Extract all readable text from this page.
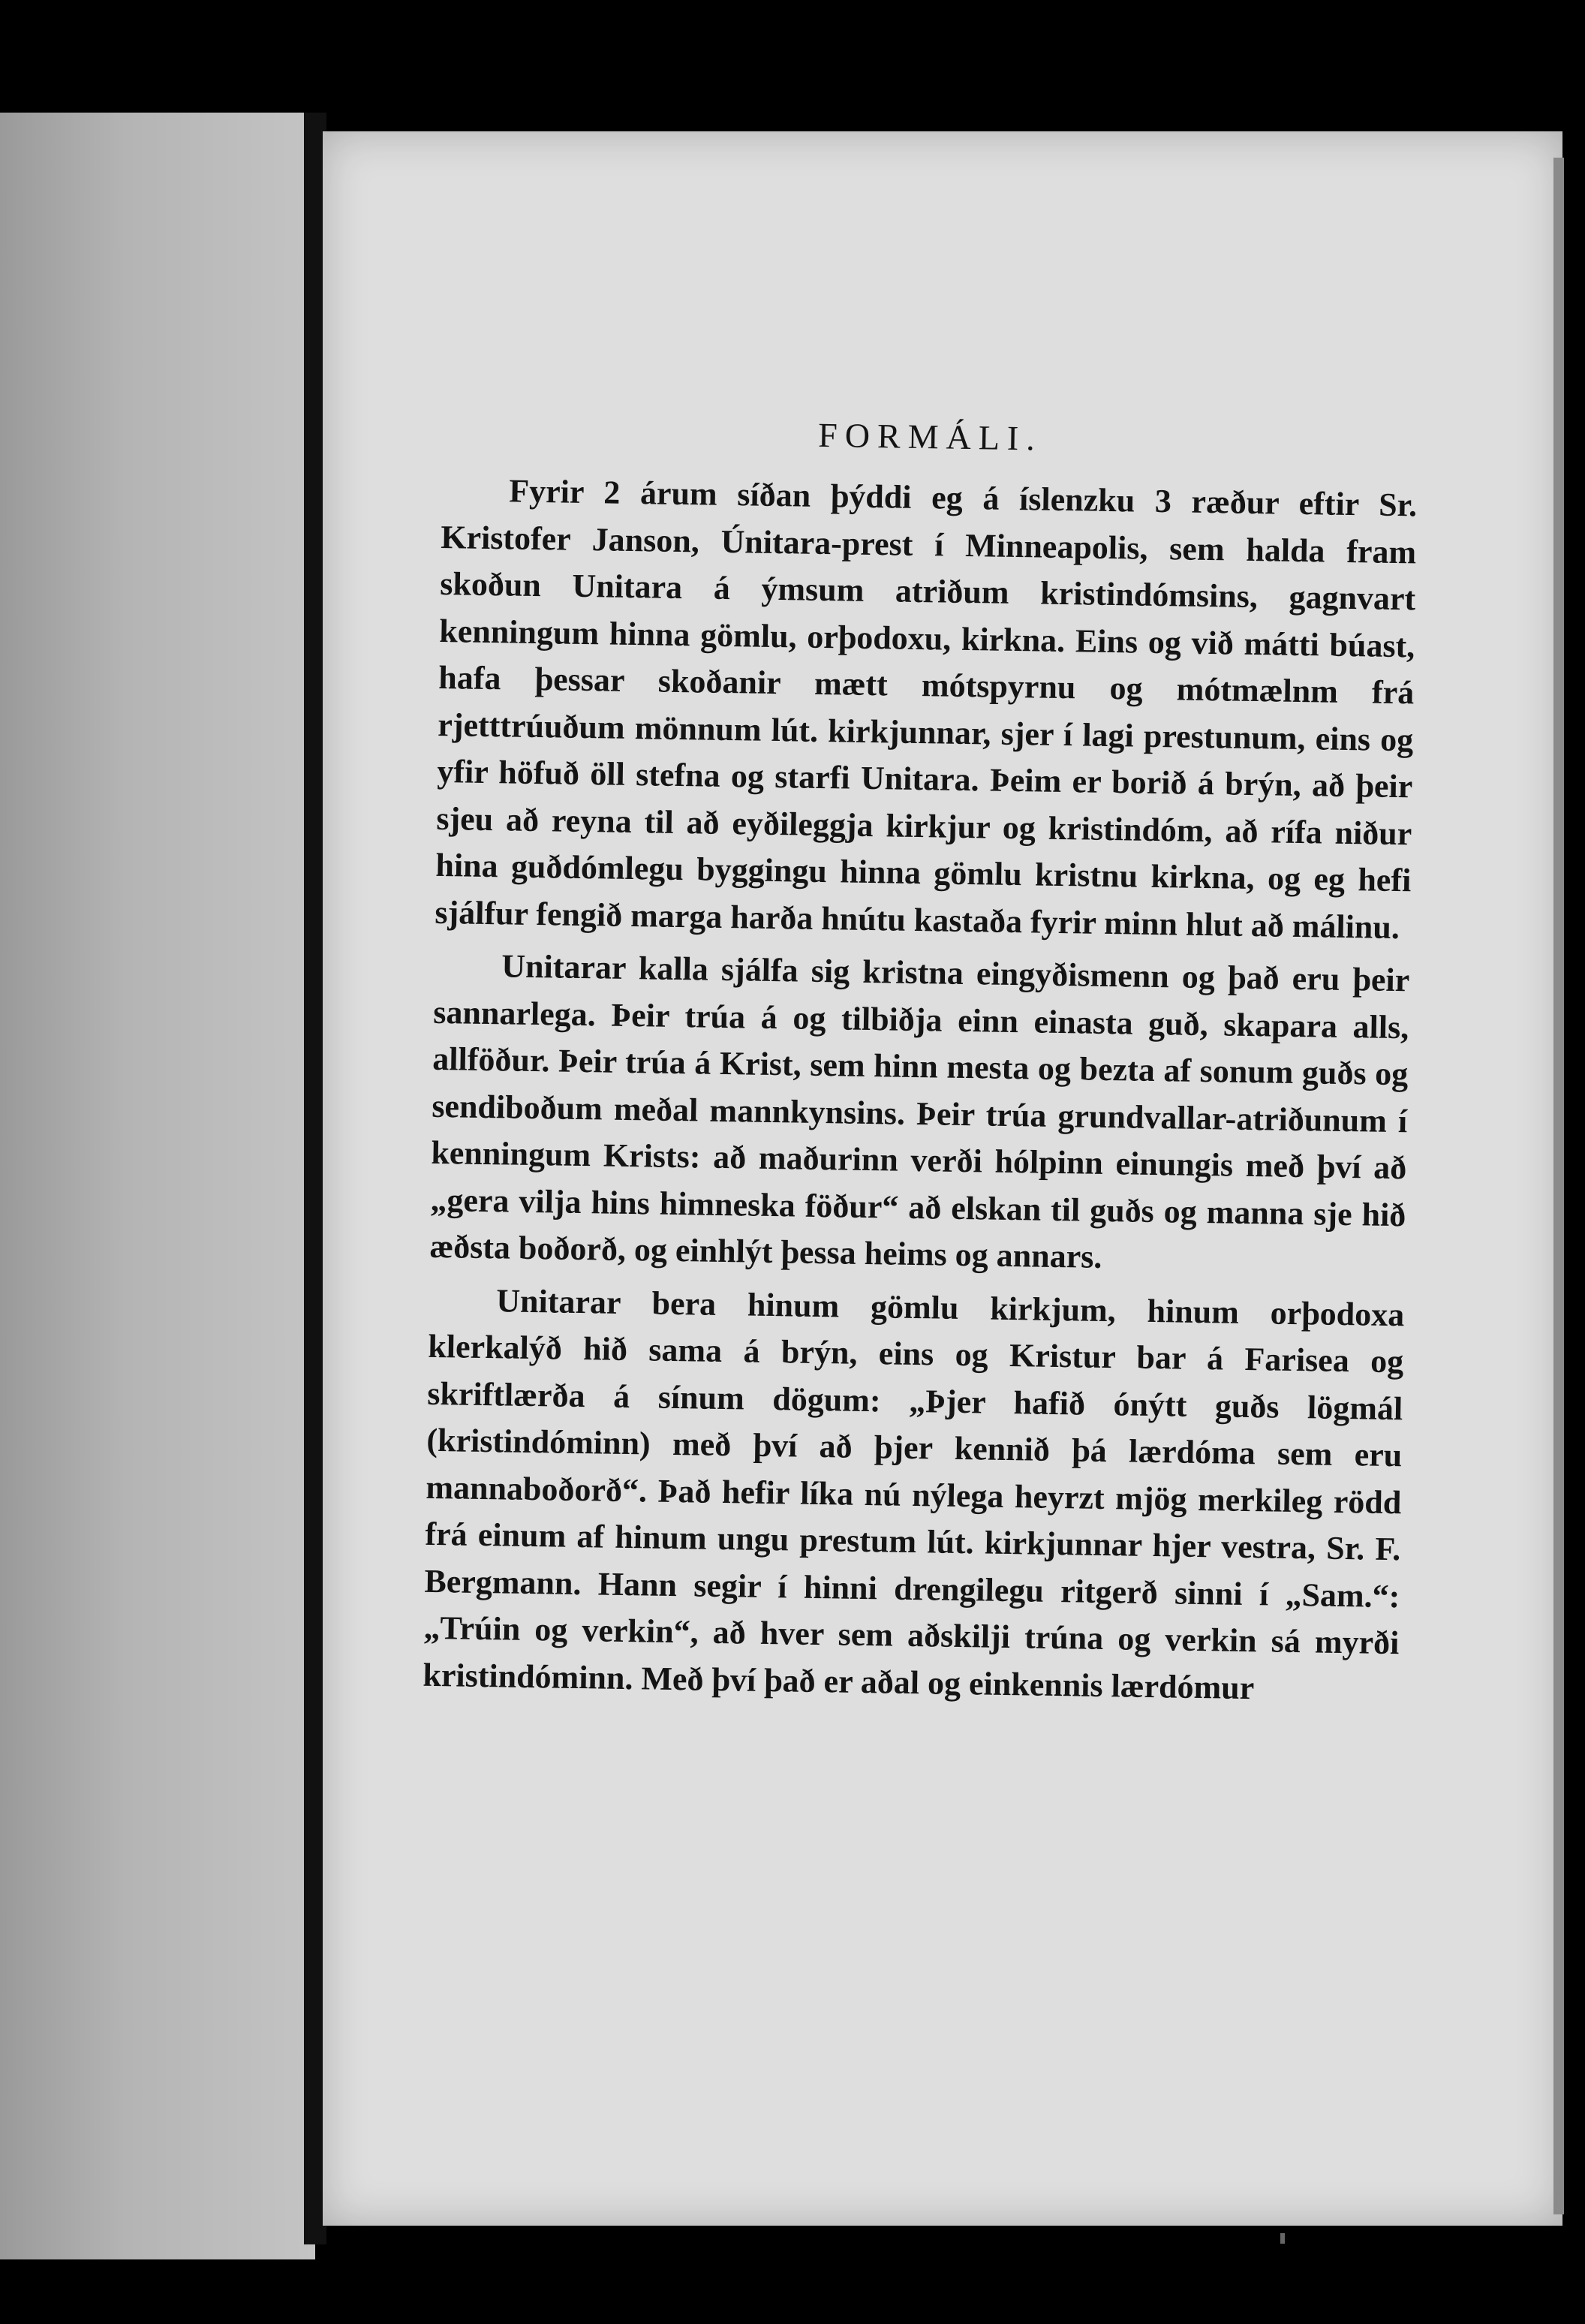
FORMÁLI.

Fyrir 2 árum síðan þýddi eg á íslenzku 3 ræður eftir Sr. Kristofer Janson, Únitara-prest í Minneapolis, sem halda fram skoðun Unitara á ýmsum atriðum kristindómsins, gagnvart kenningum hinna gömlu, orþodoxu, kirkna. Eins og við mátti búast, hafa þessar skoðanir mætt mótspyrnu og mótmælnm frá rjetttrúuðum mönnum lút. kirkjunnar, sjer í lagi prestunum, eins og yfir höfuð öll stefna og starfi Unitara. Þeim er borið á brýn, að þeir sjeu að reyna til að eyðileggja kirkjur og kristindóm, að rífa niður hina guðdómlegu byggingu hinna gömlu kristnu kirkna, og eg hefi sjálfur fengið marga harða hnútu kastaða fyrir minn hlut að málinu.

Unitarar kalla sjálfa sig kristna eingyðismenn og það eru þeir sannarlega. Þeir trúa á og tilbiðja einn einasta guð, skapara alls, allföður. Þeir trúa á Krist, sem hinn mesta og bezta af sonum guðs og sendiboðum meðal mannkynsins. Þeir trúa grundvallar-atriðunum í kenningum Krists: að maðurinn verði hólpinn einungis með því að „gera vilja hins himneska föður“ að elskan til guðs og manna sje hið æðsta boðorð, og einhlýt þessa heims og annars.

Unitarar bera hinum gömlu kirkjum, hinum orþodoxa klerkalýð hið sama á brýn, eins og Kristur bar á Farisea og skriftlærða á sínum dögum: „Þjer hafið ónýtt guðs lögmál (kristindóminn) með því að þjer kennið þá lærdóma sem eru mannaboðorð“. Það hefir líka nú nýlega heyrzt mjög merkileg rödd frá einum af hinum ungu prestum lút. kirkjunnar hjer vestra, Sr. F. Bergmann. Hann segir í hinni drengilegu ritgerð sinni í „Sam.“: „Trúin og verkin“, að hver sem aðskilji trúna og verkin sá myrði kristindóminn. Með því það er aðal og einkennis lærdómur
